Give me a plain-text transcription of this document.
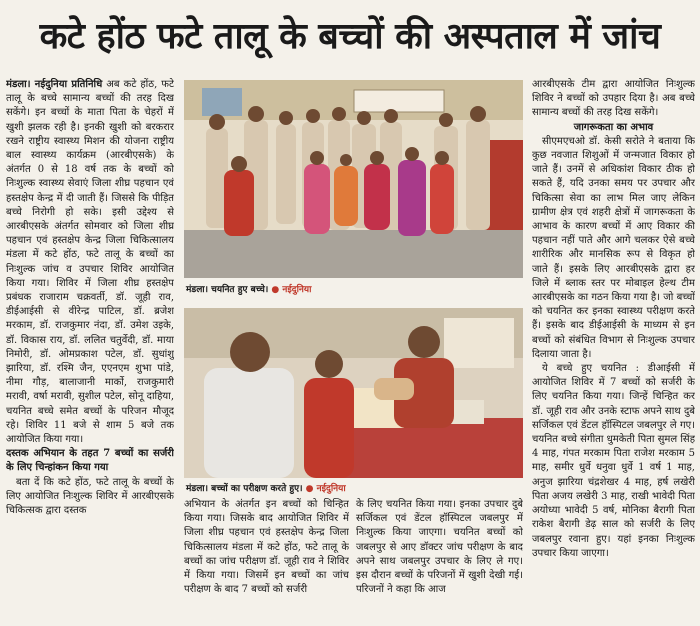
कटे होंठ फटे तालू के बच्चों की अस्पताल में जांच

मंडला। नईदुनिया प्रतिनिधि अब कटे होंठ, फटे तालू के बच्चे सामान्य बच्चों की तरह दिख सकेंगे। इन बच्चों के माता पिता के चेहरों में खुशी झलक रही है। इनकी खुशी को बरकरार रखने राष्ट्रीय स्वास्थ्य मिशन की योजना राष्ट्रीय बाल स्वास्थ्य कार्यक्रम (आरबीएसके) के अंतर्गत 0 से 18 वर्ष तक के बच्चों को निःशुल्क स्वास्थ्य सेवाएं जिला शीघ्र पहचान एवं हस्तक्षेप केन्द्र में दी जाती हैं। जिससे कि पीड़ित बच्चे निरोगी हो सके। इसी उद्देश्य से आरबीएसके अंतर्गत सोमवार को जिला शीघ्र पहचान एवं हस्तक्षेप केन्द्र जिला चिकित्सालय मंडला में कटे होंठ, फटे तालू के बच्चों का निःशुल्क जांच व उपचार शिविर आयोजित किया गया। शिविर में जिला शीघ्र हस्तक्षेप प्रबंधक राजाराम चक्रवर्ती, डॉ. जूही राव, डीईआईसी से वीरेन्द्र पाटिल, डॉ. ब्रजेश मरकाम, डॉ. राजकुमार नंदा, डॉ. उमेश उइके, डॉ. विकास राय, डॉ. ललित चतुर्वेदी, डॉ. माया निमोरी, डॉ. ओमप्रकाश पटेल, डॉ. सुधांशु झारिया, डॉ. रश्मि जैन, एएनएम शुभा पांडे, नीमा गौड़, बालाजानी मार्को, राजकुमारी मरावी, वर्षा मरावी, सुशील पटेल, सोनू दाहिया, चयनित बच्चे समेत बच्चों के परिजन मौजूद रहे। शिविर 11 बजे से शाम 5 बजे तक आयोजित किया गया।

दस्तक अभियान के तहत 7 बच्चों का सर्जरी के लिए चिन्हांकन किया गया

बता दें कि कटे होंठ, फटे तालू के बच्चों के लिए आयोजित निःशुल्क शिविर में आरबीएसके चिकित्सक द्वारा दस्तक

मंडला। चयनित हुए बच्चे। ● नईदुनिया
मंडला। बच्चों का परीक्षण करते हुए। ● नईदुनिया

अभियान के अंतर्गत इन बच्चों को चिन्हित किया गया। जिसके बाद आयोजित शिविर में जिला शीघ्र पहचान एवं हस्तक्षेप केन्द्र जिला चिकित्सालय मंडला में कटे होंठ, फटे तालू के बच्चों का जांच परीक्षण डॉ. जूही राव ने शिविर में किया गया। जिसमें इन बच्चों का जांच परीक्षण के बाद 7 बच्चों को सर्जरी

के लिए चयनित किया गया। इनका उपचार दुबे सर्जिकल एवं डेंटल हॉस्पिटल जबलपुर में निःशुल्क किया जाएगा। चयनित बच्चों को जबलपुर से आए डॉक्टर जांच परीक्षण के बाद अपने साथ जबलपुर उपचार के लिए ले गए। इस दौरान बच्चों के परिजनों में खुशी देखी गई। परिजनों ने कहा कि आज

आरबीएसके टीम द्वारा आयोजित निःशुल्क शिविर ने बच्चों को उपहार दिया है। अब बच्चे सामान्य बच्चों की तरह दिख सकेंगे।

जागरूकता का अभाव

सीएमएचओ डॉ. केसी सरोते ने बताया कि कुछ नवजात शिशुओं में जन्मजात विकार हो जाते हैं। उनमें से अधिकांश विकार ठीक हो सकते हैं, यदि उनका समय पर उपचार और चिकित्सा सेवा का लाभ मिल जाए लेकिन ग्रामीण क्षेत्र एवं शहरी क्षेत्रों में जागरूकता के आभाव के कारण बच्चों में आए विकार की पहचान नहीं पाते और आगे चलकर ऐसे बच्चे शारीरिक और मानसिक रूप से विकृत हो जाते हैं। इसके लिए आरबीएसके द्वारा हर जिले में ब्लाक स्तर पर मोबाइल हेल्थ टीम आरबीएसके का गठन किया गया है। जो बच्चों को चयनित कर इनका स्वास्थ्य परीक्षण करते हैं। इसके बाद डीईआईसी के माध्यम से इन बच्चों को संबंधित विभाग से निःशुल्क उपचार दिलाया जाता है।

ये बच्चे हुए चयनित : डीआईसी में आयोजित शिविर में 7 बच्चों को सर्जरी के लिए चयनित किया गया। जिन्हें चिन्हित कर डॉ. जूही राव और उनके स्टाफ अपने साथ दुबे सर्जिकल एवं डेंटल हॉस्पिटल जबलपुर ले गए। चयनित बच्चे संगीता धुमकेती पिता सुमल सिंह 4 माह, गंपत मरकाम पिता राजेश मरकाम 5 माह, समीर धुर्वे धनुवा धुर्वे 1 वर्ष 1 माह, अनुज झारिया चंद्रशेखर 4 माह, हर्ष लखेरी पिता अजय लखेरी 3 माह, राखी भावेदी पिता अयोध्या भावेदी 5 वर्ष, मोनिका बैरागी पिता राकेश बैरागी डेढ़ साल को सर्जरी के लिए जबलपुर रवाना हुए। यहां इनका निःशुल्क उपचार किया जाएगा।
